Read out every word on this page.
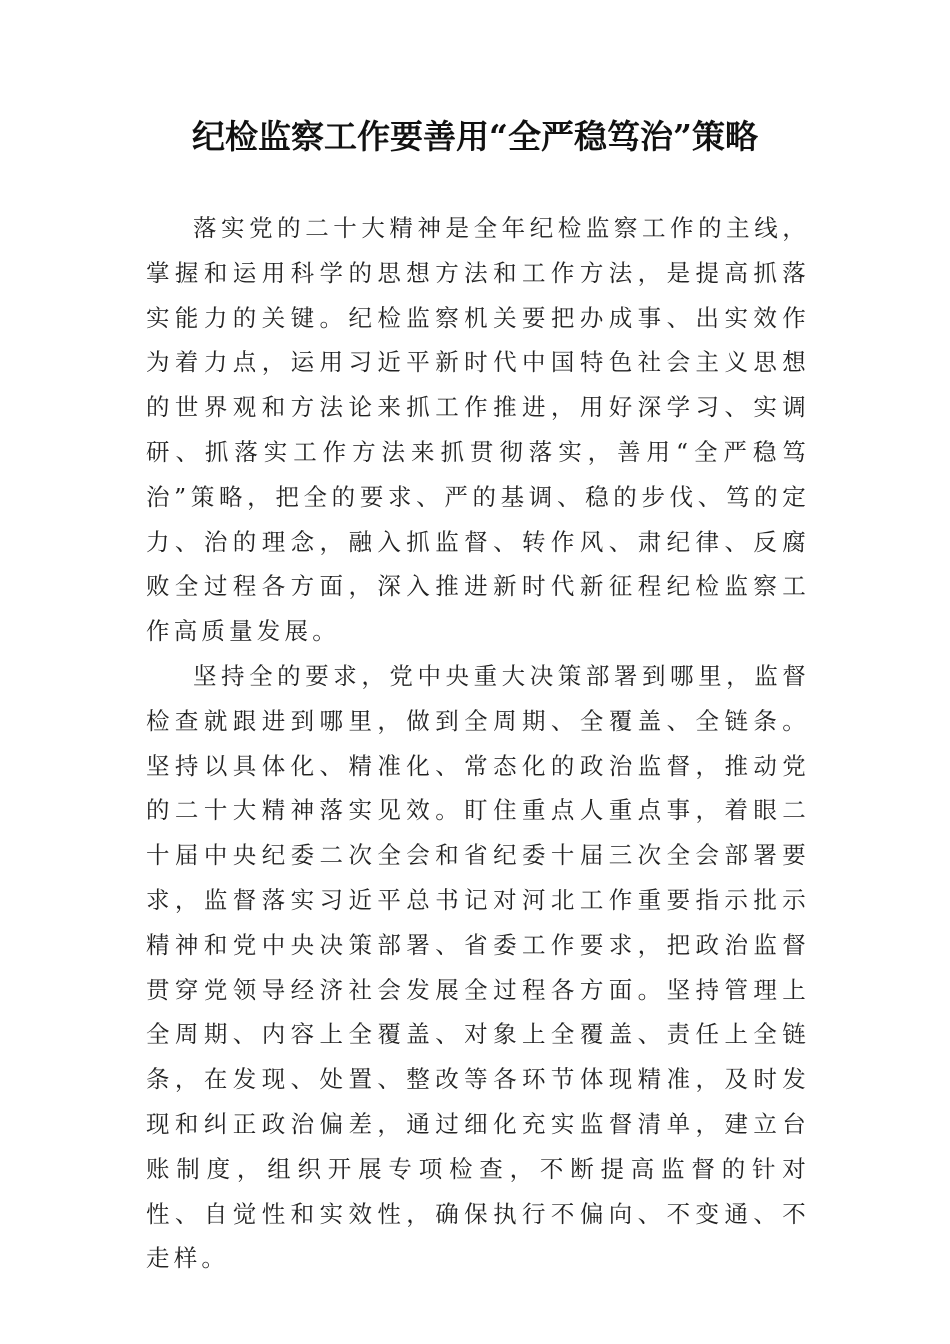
纪检监察工作要善用“全严稳笃治”策略

落实党的二十大精神是全年纪检监察工作的主线，掌握和运用科学的思想方法和工作方法，是提高抓落实能力的关键。纪检监察机关要把办成事、出实效作为着力点，运用习近平新时代中国特色社会主义思想的世界观和方法论来抓工作推进，用好深学习、实调研、抓落实工作方法来抓贯彻落实，善用“全严稳笃治”策略，把全的要求、严的基调、稳的步伐、笃的定力、治的理念，融入抓监督、转作风、肃纪律、反腐败全过程各方面，深入推进新时代新征程纪检监察工作高质量发展。

坚持全的要求，党中央重大决策部署到哪里，监督检查就跟进到哪里，做到全周期、全覆盖、全链条。坚持以具体化、精准化、常态化的政治监督，推动党的二十大精神落实见效。盯住重点人重点事，着眼二十届中央纪委二次全会和省纪委十届三次全会部署要求，监督落实习近平总书记对河北工作重要指示批示精神和党中央决策部署、省委工作要求，把政治监督贯穿党领导经济社会发展全过程各方面。坚持管理上全周期、内容上全覆盖、对象上全覆盖、责任上全链条，在发现、处置、整改等各环节体现精准，及时发现和纠正政治偏差，通过细化充实监督清单，建立台账制度，组织开展专项检查，不断提高监督的针对性、自觉性和实效性，确保执行不偏向、不变通、不走样。
